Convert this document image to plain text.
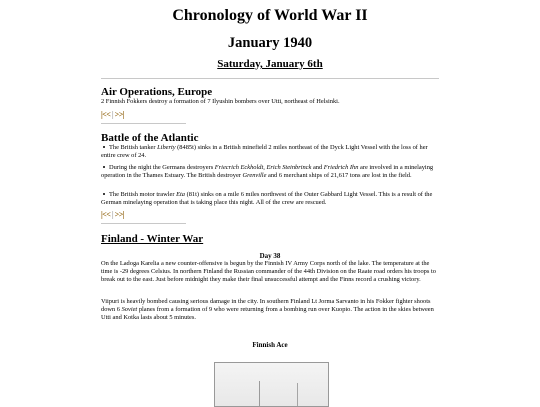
Chronology of World War II
January 1940
Saturday, January 6th
Air Operations, Europe
2 Finnish Fokkers destroy a formation of 7 Ilyushin bombers over Utti, northeast of Helsinki.
|<< | >>|
Battle of the Atlantic
The British tanker Liberty (8485t) sinks in a British minefield 2 miles northeast of the Dyck Light Vessel with the loss of her entire crew of 24.
During the night the Germans destroyers Friecrich Eckholdt, Erich Steinbrinck and Friedrich Ihn are involved in a minelaying operation in the Thames Estuary. The British destroyer Grenville and 6 merchant ships of 21,617 tons are lost in the field.
The British motor trawler Eta (81t) sinks on a mile 6 miles northwest of the Outer Gabbard Light Vessel. This is a result of the German minelaying operation that is taking place this night. All of the crew are rescued.
|<< | >>|
Finland - Winter War
Day 38
On the Ladoga Karelia a new counter-offensive is begun by the Finnish IV Army Corps north of the lake. The temperature at the time is -29 degrees Celsius. In northern Finland the Russian commander of the 44th Division on the Raate road orders his troops to break out to the east. Just before midnight they make their final unsuccessful attempt and the Finns record a crushing victory.
Viipuri is heavily bombed causing serious damage in the city. In southern Finland Lt Jorma Sarvanto in his Fokker fighter shoots down 6 Soviet planes from a formation of 9 who were returning from a bombing run over Kuopio. The action in the skies between Utti and Kotka lasts about 5 minutes.
Finnish Ace
